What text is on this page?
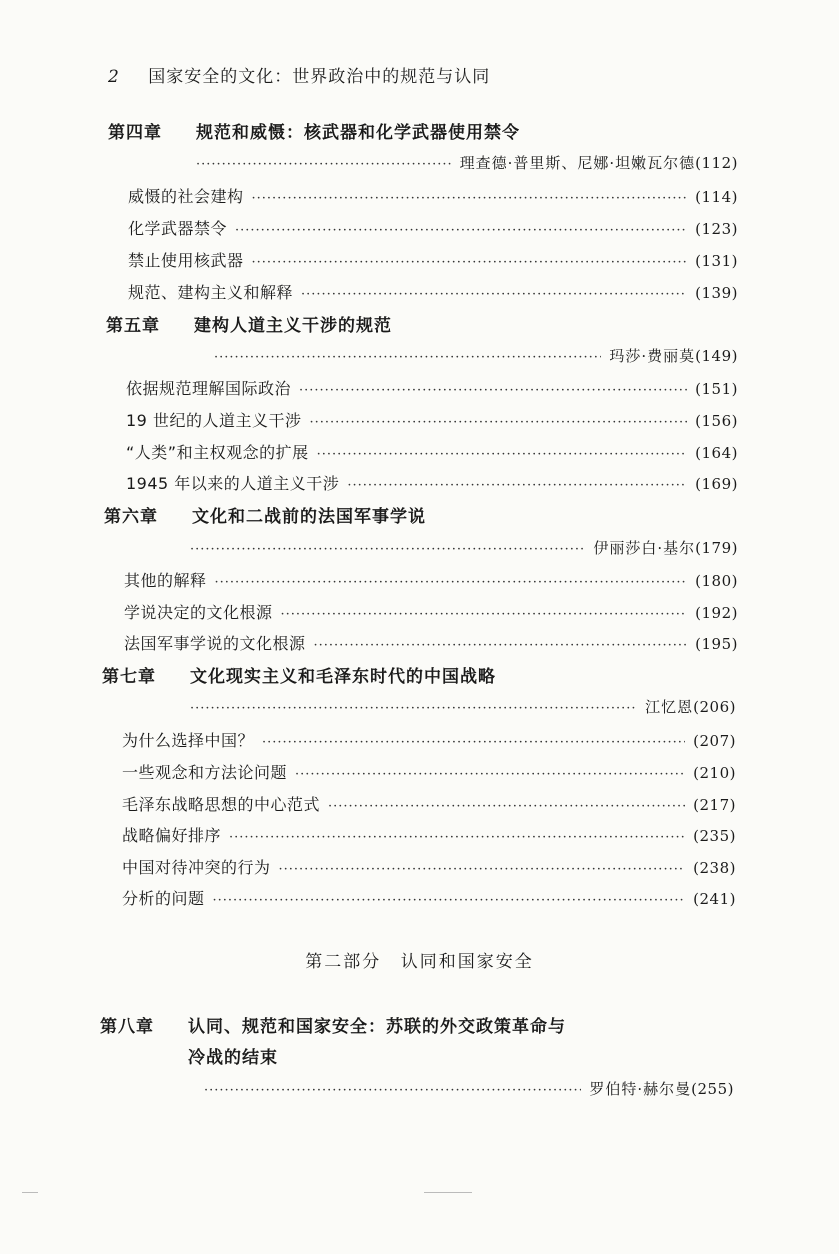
2 国家安全的文化：世界政治中的规范与认同
第四章 规范和威慑：核武器和化学武器使用禁令
·····
理查德·普里斯、尼娜·坦嫩瓦尔德 (112)
威慑的社会建构 ·····	(114)
化学武器禁令 ·····	(123)
禁止使用核武器 ·····	(131)
规范、建构主义和解释 ·····	(139)
第五章 建构人道主义干涉的规范
·····
玛莎·费丽莫 (149)
依据规范理解国际政治 ·····	(151)
19 世纪的人道主义干涉 ·····	(156)
“人类”和主权观念的扩展 ·····	(164)
1945 年以来的人道主义干涉 ·····	(169)
第六章 文化和二战前的法国军事学说
·····
伊丽莎白·基尔 (179)
其他的解释 ·····	(180)
学说决定的文化根源 ·····	(192)
法国军事学说的文化根源 ·····	(195)
第七章 文化现实主义和毛泽东时代的中国战略
·····
江忆恩 (206)
为什么选择中国？ ·····	(207)
一些观念和方法论问题 ·····	(210)
毛泽东战略思想的中心范式 ·····	(217)
战略偏好排序 ·····	(235)
中国对待冲突的行为 ·····	(238)
分析的问题 ·····	(241)
第二部分 认同和国家安全
第八章 认同、规范和国家安全：苏联的外交政策革命与
冷战的结束
·····
罗伯特·赫尔曼 (255)
